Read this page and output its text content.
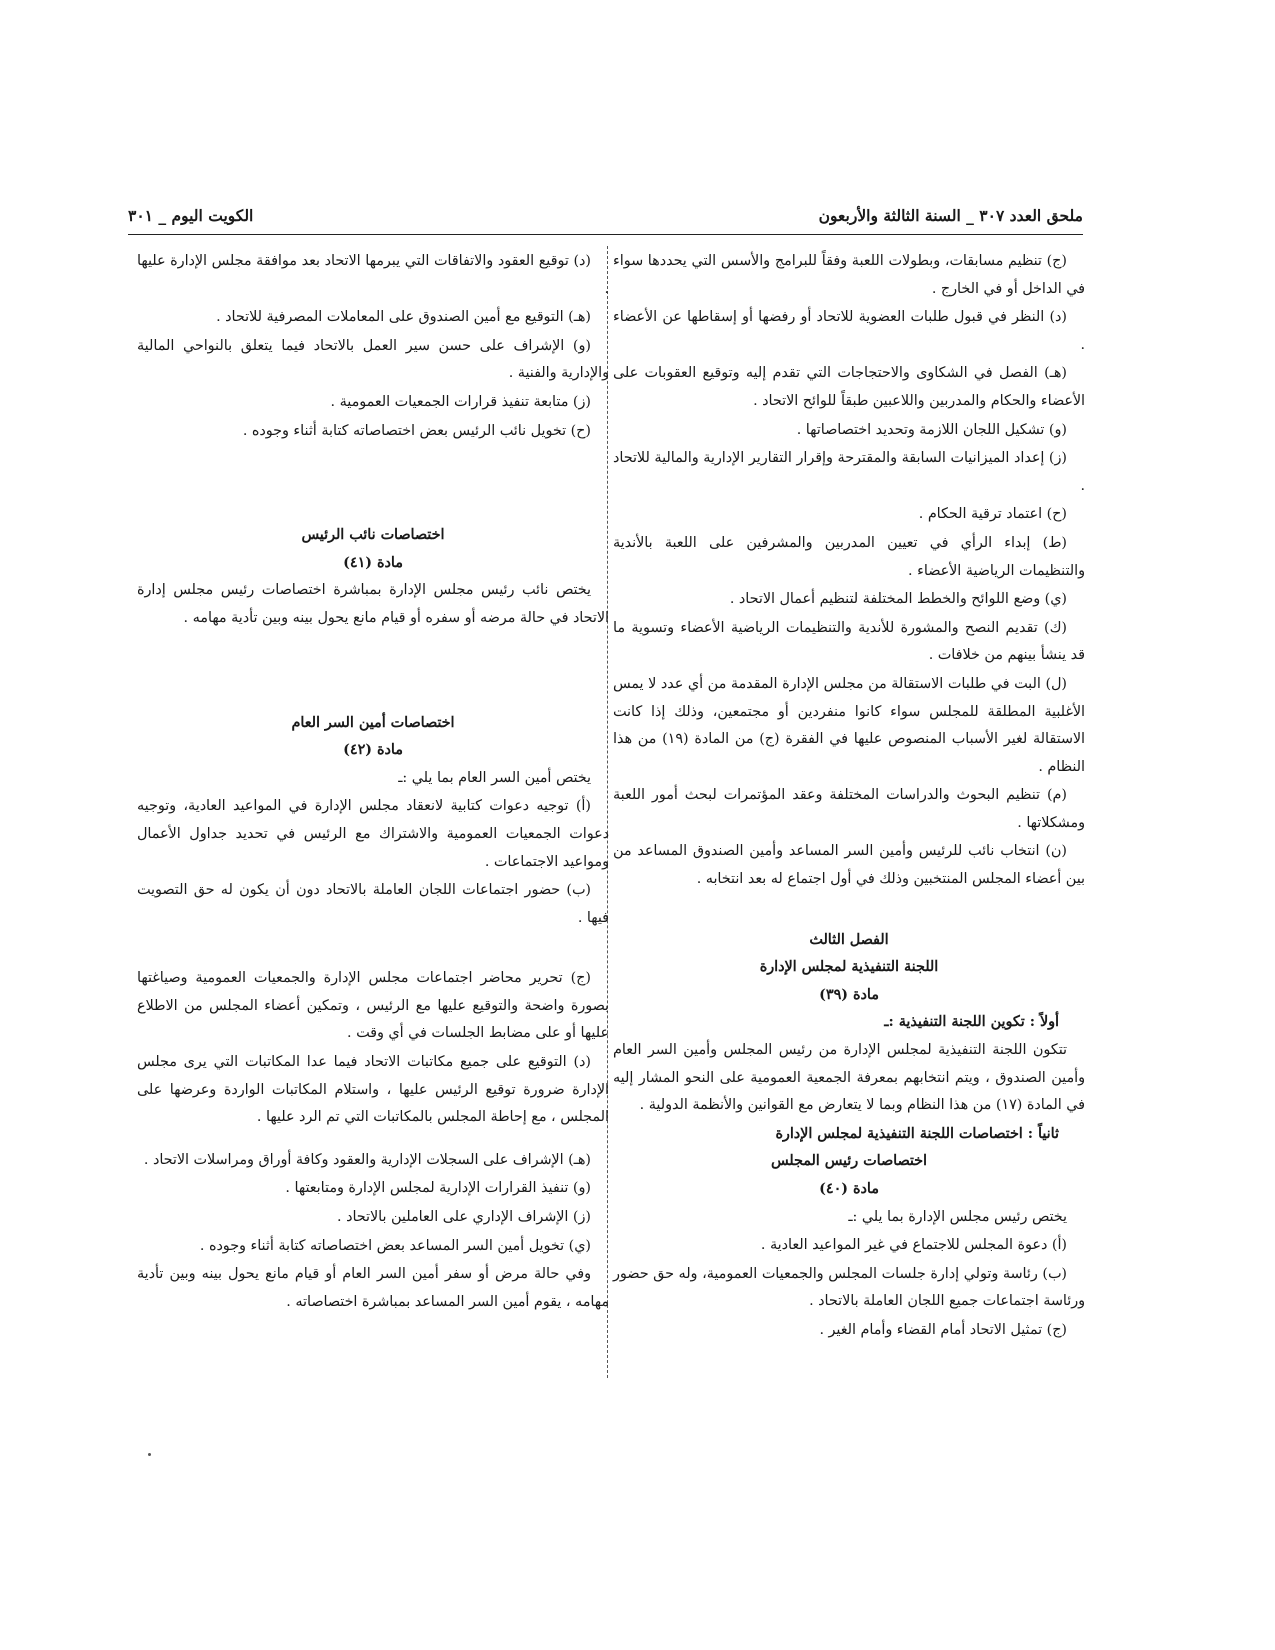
ملحق العدد ٣٠٧ _ السنة الثالثة والأربعون
الكويت اليوم _ ٣٠١

(ج) تنظيم مسابقات، وبطولات اللعبة وفقاً للبرامج والأسس التي يحددها سواء في الداخل أو في الخارج .

(د) النظر في قبول طلبات العضوية للاتحاد أو رفضها أو إسقاطها عن الأعضاء .

(هـ) الفصل في الشكاوى والاحتجاجات التي تقدم إليه وتوقيع العقوبات على الأعضاء والحكام والمدربين واللاعبين طبقاً للوائح الاتحاد .

(و) تشكيل اللجان اللازمة وتحديد اختصاصاتها .

(ز) إعداد الميزانيات السابقة والمقترحة وإقرار التقارير الإدارية والمالية للاتحاد .

(ح) اعتماد ترقية الحكام .

(ط) إبداء الرأي في تعيين المدربين والمشرفين على اللعبة بالأندية والتنظيمات الرياضية الأعضاء .

(ي) وضع اللوائح والخطط المختلفة لتنظيم أعمال الاتحاد .

(ك) تقديم النصح والمشورة للأندية والتنظيمات الرياضية الأعضاء وتسوية ما قد ينشأ بينهم من خلافات .

(ل) البت في طلبات الاستقالة من مجلس الإدارة المقدمة من أي عدد لا يمس الأغلبية المطلقة للمجلس سواء كانوا منفردين أو مجتمعين، وذلك إذا كانت الاستقالة لغير الأسباب المنصوص عليها في الفقرة (ج) من المادة (١٩) من هذا النظام .

(م) تنظيم البحوث والدراسات المختلفة وعقد المؤتمرات لبحث أمور اللعبة ومشكلاتها .

(ن) انتخاب نائب للرئيس وأمين السر المساعد وأمين الصندوق المساعد من بين أعضاء المجلس المنتخبين وذلك في أول اجتماع له بعد انتخابه .

الفصل الثالث

اللجنة التنفيذية لمجلس الإدارة

مادة (٣٩)

أولاً : تكوين اللجنة التنفيذية :ـ

تتكون اللجنة التنفيذية لمجلس الإدارة من رئيس المجلس وأمين السر العام وأمين الصندوق ، ويتم انتخابهم بمعرفة الجمعية العمومية على النحو المشار إليه في المادة (١٧) من هذا النظام وبما لا يتعارض مع القوانين والأنظمة الدولية .

ثانياً : اختصاصات اللجنة التنفيذية لمجلس الإدارة

اختصاصات رئيس المجلس

مادة (٤٠)

يختص رئيس مجلس الإدارة بما يلي :ـ

(أ) دعوة المجلس للاجتماع في غير المواعيد العادية .

(ب) رئاسة وتولي إدارة جلسات المجلس والجمعيات العمومية، وله حق حضور ورئاسة اجتماعات جميع اللجان العاملة بالاتحاد .

(ج) تمثيل الاتحاد أمام القضاء وأمام الغير .

(د) توقيع العقود والاتفاقات التي يبرمها الاتحاد بعد موافقة مجلس الإدارة عليها .

(هـ) التوقيع مع أمين الصندوق على المعاملات المصرفية للاتحاد .

(و) الإشراف على حسن سير العمل بالاتحاد فيما يتعلق بالنواحي المالية والإدارية والفنية .

(ز) متابعة تنفيذ قرارات الجمعيات العمومية .

(ح) تخويل نائب الرئيس بعض اختصاصاته كتابة أثناء وجوده .

اختصاصات نائب الرئيس

مادة (٤١)

يختص نائب رئيس مجلس الإدارة بمباشرة اختصاصات رئيس مجلس إدارة الاتحاد في حالة مرضه أو سفره أو قيام مانع يحول بينه وبين تأدية مهامه .

اختصاصات أمين السر العام

مادة (٤٢)

يختص أمين السر العام بما يلي :ـ

(أ) توجيه دعوات كتابية لانعقاد مجلس الإدارة في المواعيد العادية، وتوجيه دعوات الجمعيات العمومية والاشتراك مع الرئيس في تحديد جداول الأعمال ومواعيد الاجتماعات .

(ب) حضور اجتماعات اللجان العاملة بالاتحاد دون أن يكون له حق التصويت فيها .

(ج) تحرير محاضر اجتماعات مجلس الإدارة والجمعيات العمومية وصياغتها بصورة واضحة والتوقيع عليها مع الرئيس ، وتمكين أعضاء المجلس من الاطلاع عليها أو على مضابط الجلسات في أي وقت .

(د) التوقيع على جميع مكاتبات الاتحاد فيما عدا المكاتبات التي يرى مجلس الإدارة ضرورة توقيع الرئيس عليها ، واستلام المكاتبات الواردة وعرضها على المجلس ، مع إحاطة المجلس بالمكاتبات التي تم الرد عليها .

(هـ) الإشراف على السجلات الإدارية والعقود وكافة أوراق ومراسلات الاتحاد .

(و) تنفيذ القرارات الإدارية لمجلس الإدارة ومتابعتها .

(ز) الإشراف الإداري على العاملين بالاتحاد .

(ي) تخويل أمين السر المساعد بعض اختصاصاته كتابة أثناء وجوده .

وفي حالة مرض أو سفر أمين السر العام أو قيام مانع يحول بينه وبين تأدية مهامه ، يقوم أمين السر المساعد بمباشرة اختصاصاته .
